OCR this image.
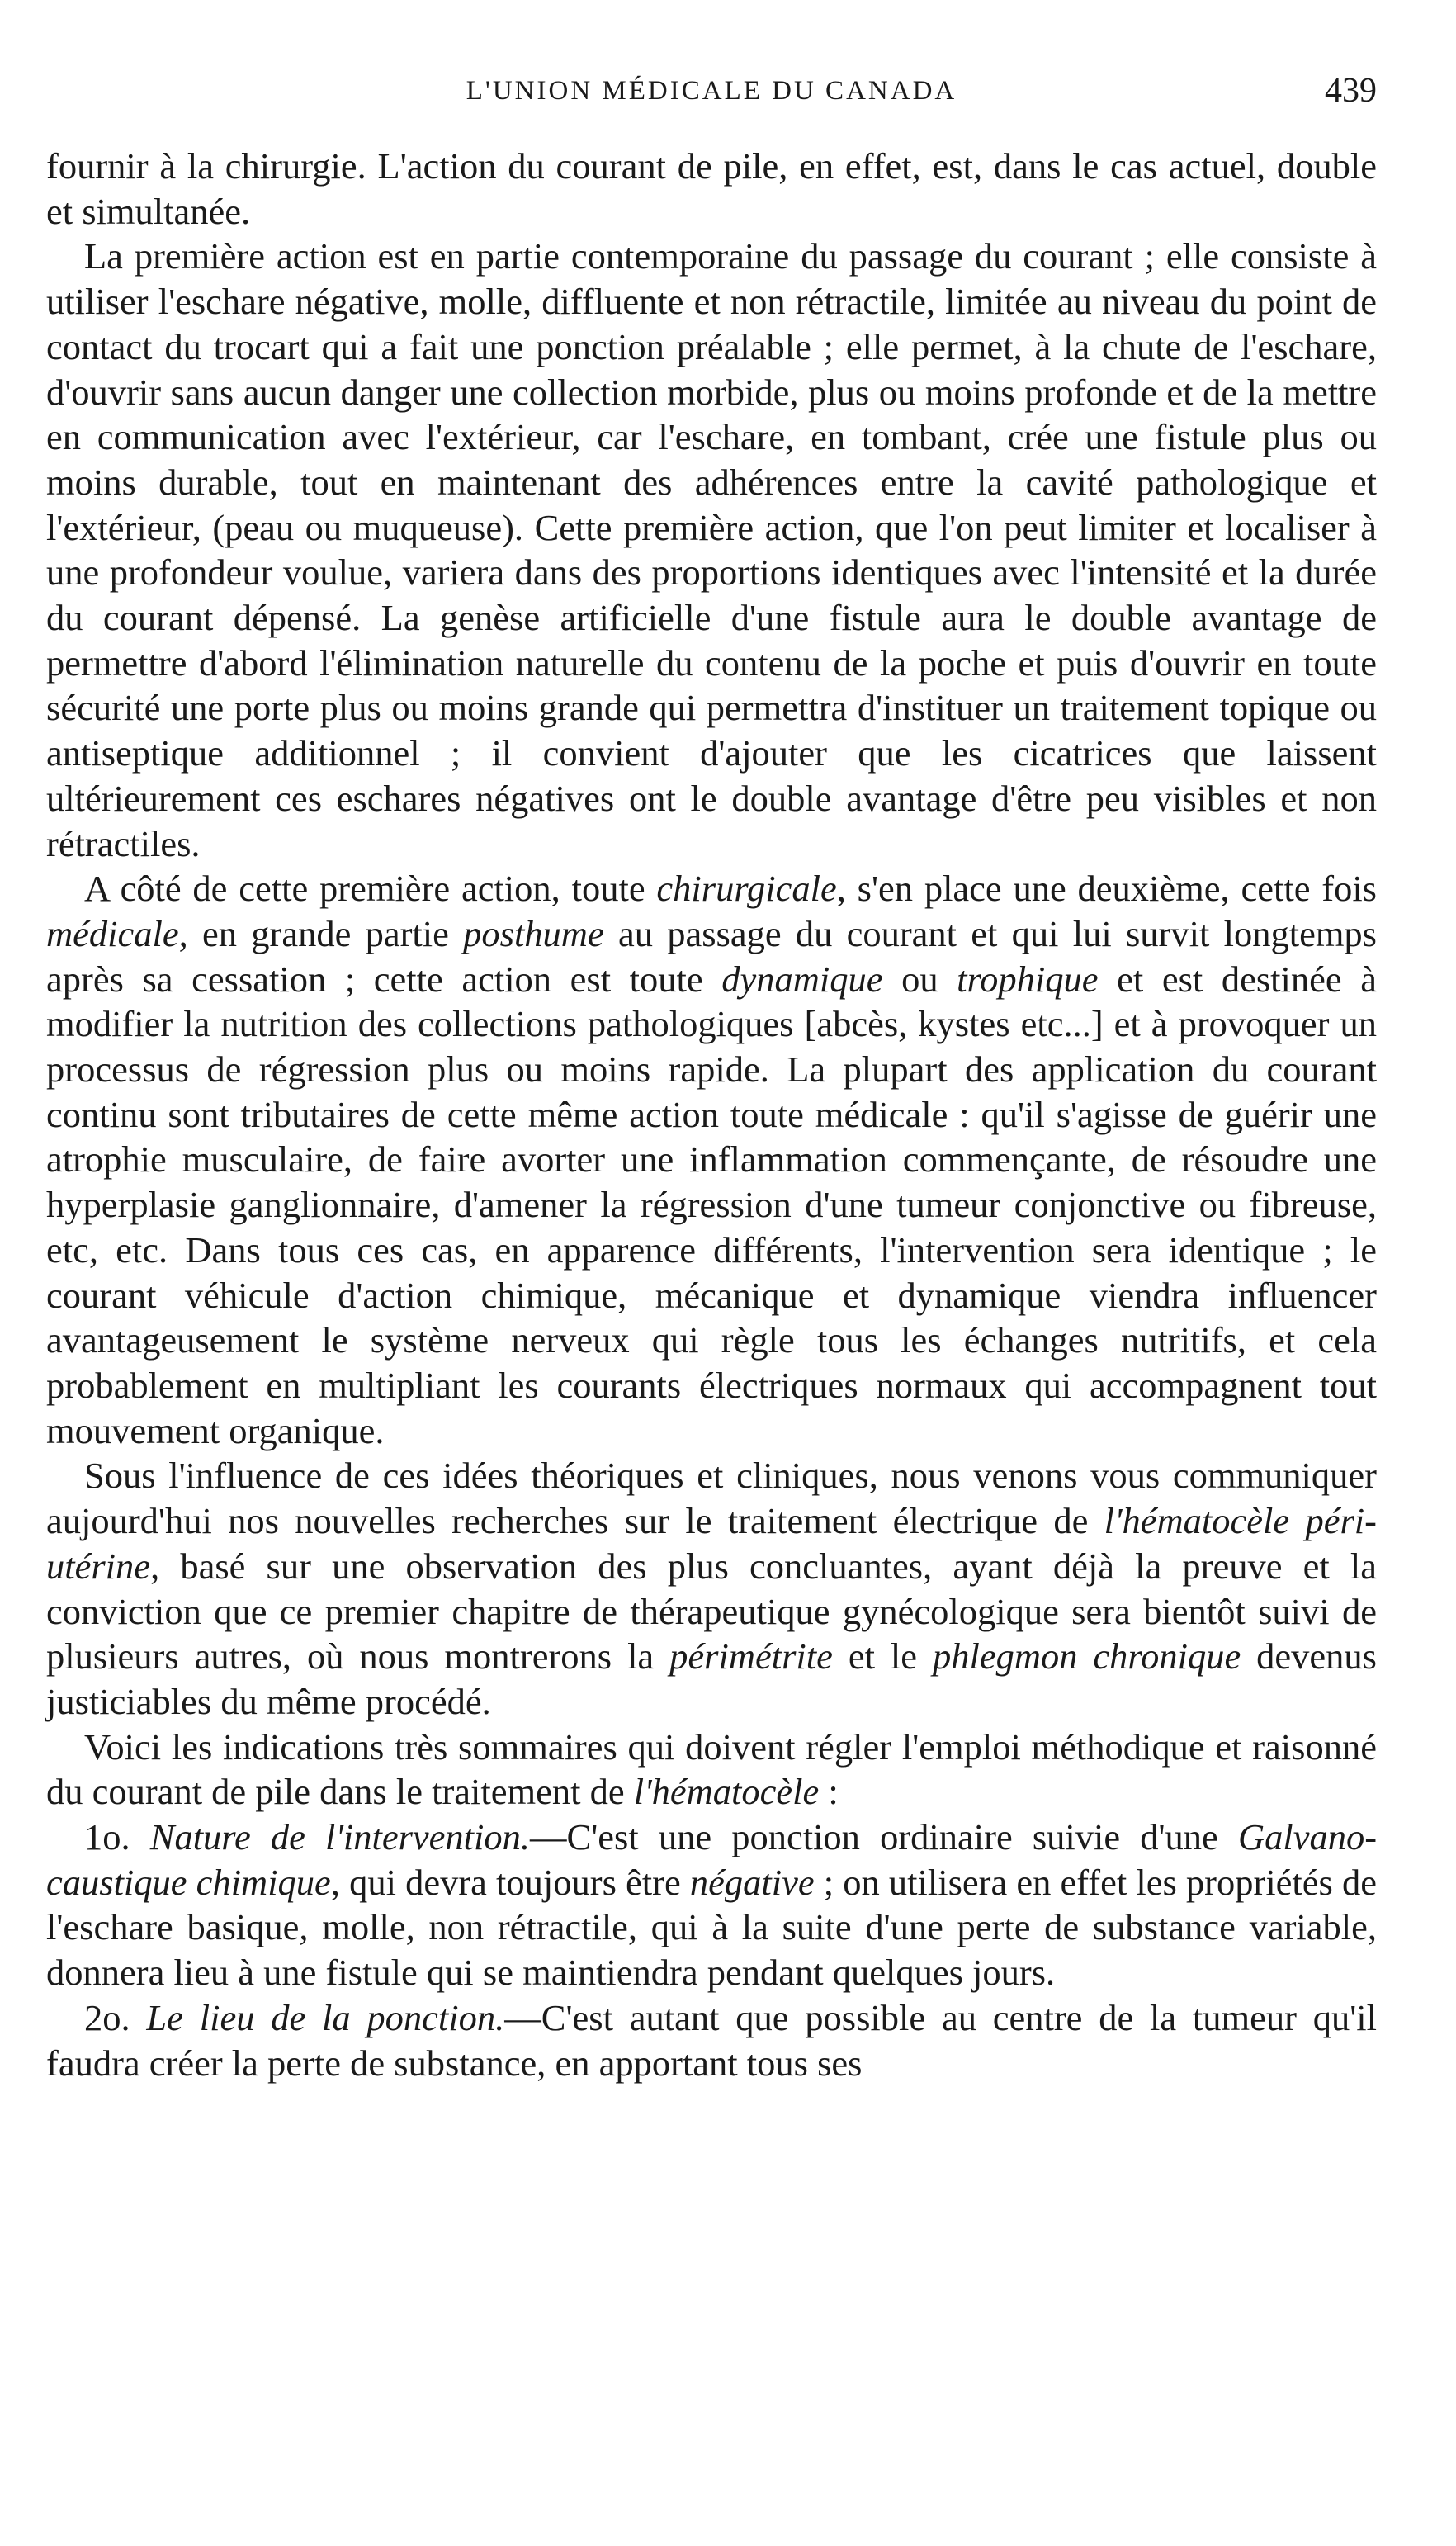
L'UNION MÉDICALE DU CANADA	439

fournir à la chirurgie. L'action du courant de pile, en effet, est, dans le cas actuel, double et simultanée.

La première action est en partie contemporaine du passage du courant ; elle consiste à utiliser l'eschare négative, molle, diffluente et non rétractile, limitée au niveau du point de contact du trocart qui a fait une ponction préalable ; elle permet, à la chute de l'eschare, d'ouvrir sans aucun danger une collection morbide, plus ou moins profonde et de la mettre en communication avec l'extérieur, car l'eschare, en tombant, crée une fistule plus ou moins durable, tout en maintenant des adhérences entre la cavité pathologique et l'extérieur, (peau ou muqueuse). Cette première action, que l'on peut limiter et localiser à une profondeur voulue, variera dans des proportions identiques avec l'intensité et la durée du courant dépensé. La genèse artificielle d'une fistule aura le double avantage de permettre d'abord l'élimination naturelle du contenu de la poche et puis d'ouvrir en toute sécurité une porte plus ou moins grande qui permettra d'instituer un traitement topique ou antiseptique additionnel ; il convient d'ajouter que les cicatrices que laissent ultérieurement ces eschares négatives ont le double avantage d'être peu visibles et non rétractiles.

A côté de cette première action, toute chirurgicale, s'en place une deuxième, cette fois médicale, en grande partie posthume au passage du courant et qui lui survit longtemps après sa cessation ; cette action est toute dynamique ou trophique et est destinée à modifier la nutrition des collections pathologiques [abcès, kystes etc...] et à provoquer un processus de régression plus ou moins rapide. La plupart des application du courant continu sont tributaires de cette même action toute médicale : qu'il s'agisse de guérir une atrophie musculaire, de faire avorter une inflammation commençante, de résoudre une hyperplasie ganglionnaire, d'amener la régression d'une tumeur conjonctive ou fibreuse, etc, etc. Dans tous ces cas, en apparence différents, l'intervention sera identique ; le courant véhicule d'action chimique, mécanique et dynamique viendra influencer avantageusement le système nerveux qui règle tous les échanges nutritifs, et cela probablement en multipliant les courants électriques normaux qui accompagnent tout mouvement organique.

Sous l'influence de ces idées théoriques et cliniques, nous venons vous communiquer aujourd'hui nos nouvelles recherches sur le traitement électrique de l'hématocèle péri-utérine, basé sur une observation des plus concluantes, ayant déjà la preuve et la conviction que ce premier chapitre de thérapeutique gynécologique sera bientôt suivi de plusieurs autres, où nous montrerons la périmétrite et le phlegmon chronique devenus justiciables du même procédé.

Voici les indications très sommaires qui doivent régler l'emploi méthodique et raisonné du courant de pile dans le traitement de l'hématocèle :

1o. Nature de l'intervention.—C'est une ponction ordinaire suivie d'une Galvano-caustique chimique, qui devra toujours être négative ; on utilisera en effet les propriétés de l'eschare basique, molle, non rétractile, qui à la suite d'une perte de substance variable, donnera lieu à une fistule qui se maintiendra pendant quelques jours.

2o. Le lieu de la ponction.—C'est autant que possible au centre de la tumeur qu'il faudra créer la perte de substance, en apportant tous ses
